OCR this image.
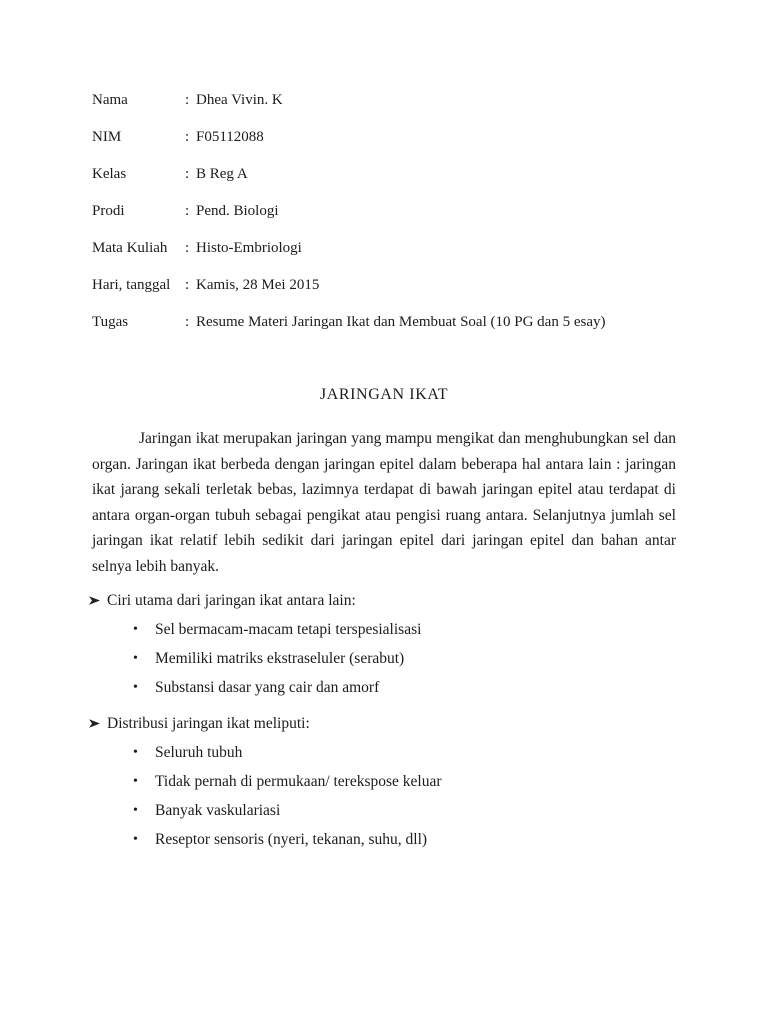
Nama	: Dhea Vivin. K
NIM	: F05112088
Kelas	: B Reg A
Prodi	: Pend. Biologi
Mata Kuliah	: Histo-Embriologi
Hari, tanggal : Kamis, 28 Mei 2015
Tugas	: Resume Materi Jaringan Ikat dan Membuat Soal (10 PG dan 5 esay)
JARINGAN IKAT

Jaringan ikat merupakan jaringan yang mampu mengikat dan menghubungkan sel dan organ. Jaringan ikat berbeda dengan jaringan epitel dalam beberapa hal antara lain : jaringan ikat jarang sekali terletak bebas, lazimnya terdapat di bawah jaringan epitel atau terdapat di antara organ-organ tubuh sebagai pengikat atau pengisi ruang antara. Selanjutnya jumlah sel jaringan ikat relatif lebih sedikit dari jaringan epitel dari jaringan epitel dan bahan antar selnya lebih banyak.

Ciri utama dari jaringan ikat antara lain:
•	Sel bermacam-macam tetapi terspesialisasi
•	Memiliki matriks ekstraseluler (serabut)
•	Substansi dasar yang cair dan amorf
Distribusi jaringan ikat meliputi:
•	Seluruh tubuh
•	Tidak pernah di permukaan/ terekspose keluar
•	Banyak vaskulariasi
•	Reseptor sensoris (nyeri, tekanan, suhu, dll)
